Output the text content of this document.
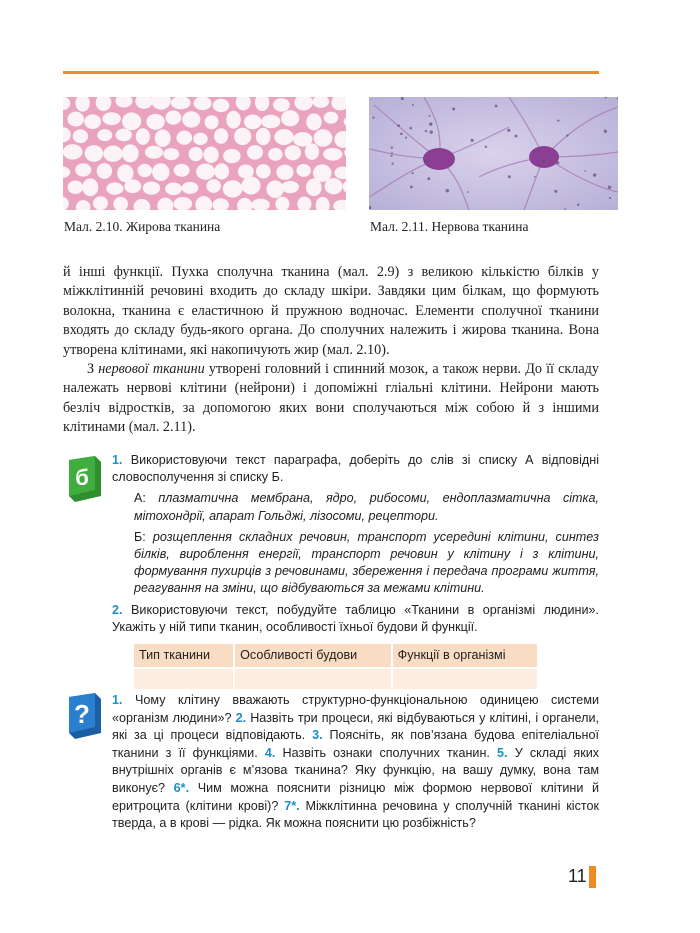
Мал. 2.10. Жирова тканина	Мал. 2.11. Нервова тканина

й інші функції. Пухка сполучна тканина (мал. 2.9) з великою кількістю білків у міжклітинній речовині входить до складу шкіри. Завдяки цим білкам, що формують волокна, тканина є еластичною й пружною водночас. Елементи сполучної тканини входять до складу будь-якого органа. До сполучних належить і жирова тканина. Вона утворена клітинами, які накопичують жир (мал. 2.10).

З нервової тканини утворені головний і спинний мозок, а також нерви. До її складу належать нервові клітини (нейрони) і допоміжні гліальні клітини. Нейрони мають безліч відростків, за допомогою яких вони сполучаються між собою й з іншими клітинами (мал. 2.11).

б
?

1. Використовуючи текст параграфа, доберіть до слів зі списку А відповідні словосполучення зі списку Б.

А: плазматична мембрана, ядро, рибосоми, ендоплазматична сітка, мітохондрії, апарат Гольджі, лізосоми, рецептори.

Б: розщеплення складних речовин, транспорт усередині клітини, синтез білків, вироблення енергії, транспорт речовин у клітину і з клітини, формування пухирців з речовинами, збереження і передача програми життя, реагування на зміни, що відбуваються за межами клітини.

2. Використовуючи текст, побудуйте таблицю «Тканини в організмі людини». Укажіть у ній типи тканин, особливості їхньої будови й функції.

Тип тканини	Особливості будови	Функції в організмі

1. Чому клітину вважають структурно-функціональною одиницею системи «організм людини»? 2. Назвіть три процеси, які відбуваються у клітині, і органели, які за ці процеси відповідають. 3. Поясніть, як пов’язана будова епітеліальної тканини з її функціями. 4. Назвіть ознаки сполучних тканин. 5. У складі яких внутрішніх органів є м’язова тканина? Яку функцію, на вашу думку, вона там виконує? 6*. Чим можна пояснити різницю між формою нервової клітини й еритроцита (клітини крові)? 7*. Міжклітинна речовина у сполучній тканині кісток тверда, а в крові — рідка. Як можна пояснити цю розбіжність?
11
